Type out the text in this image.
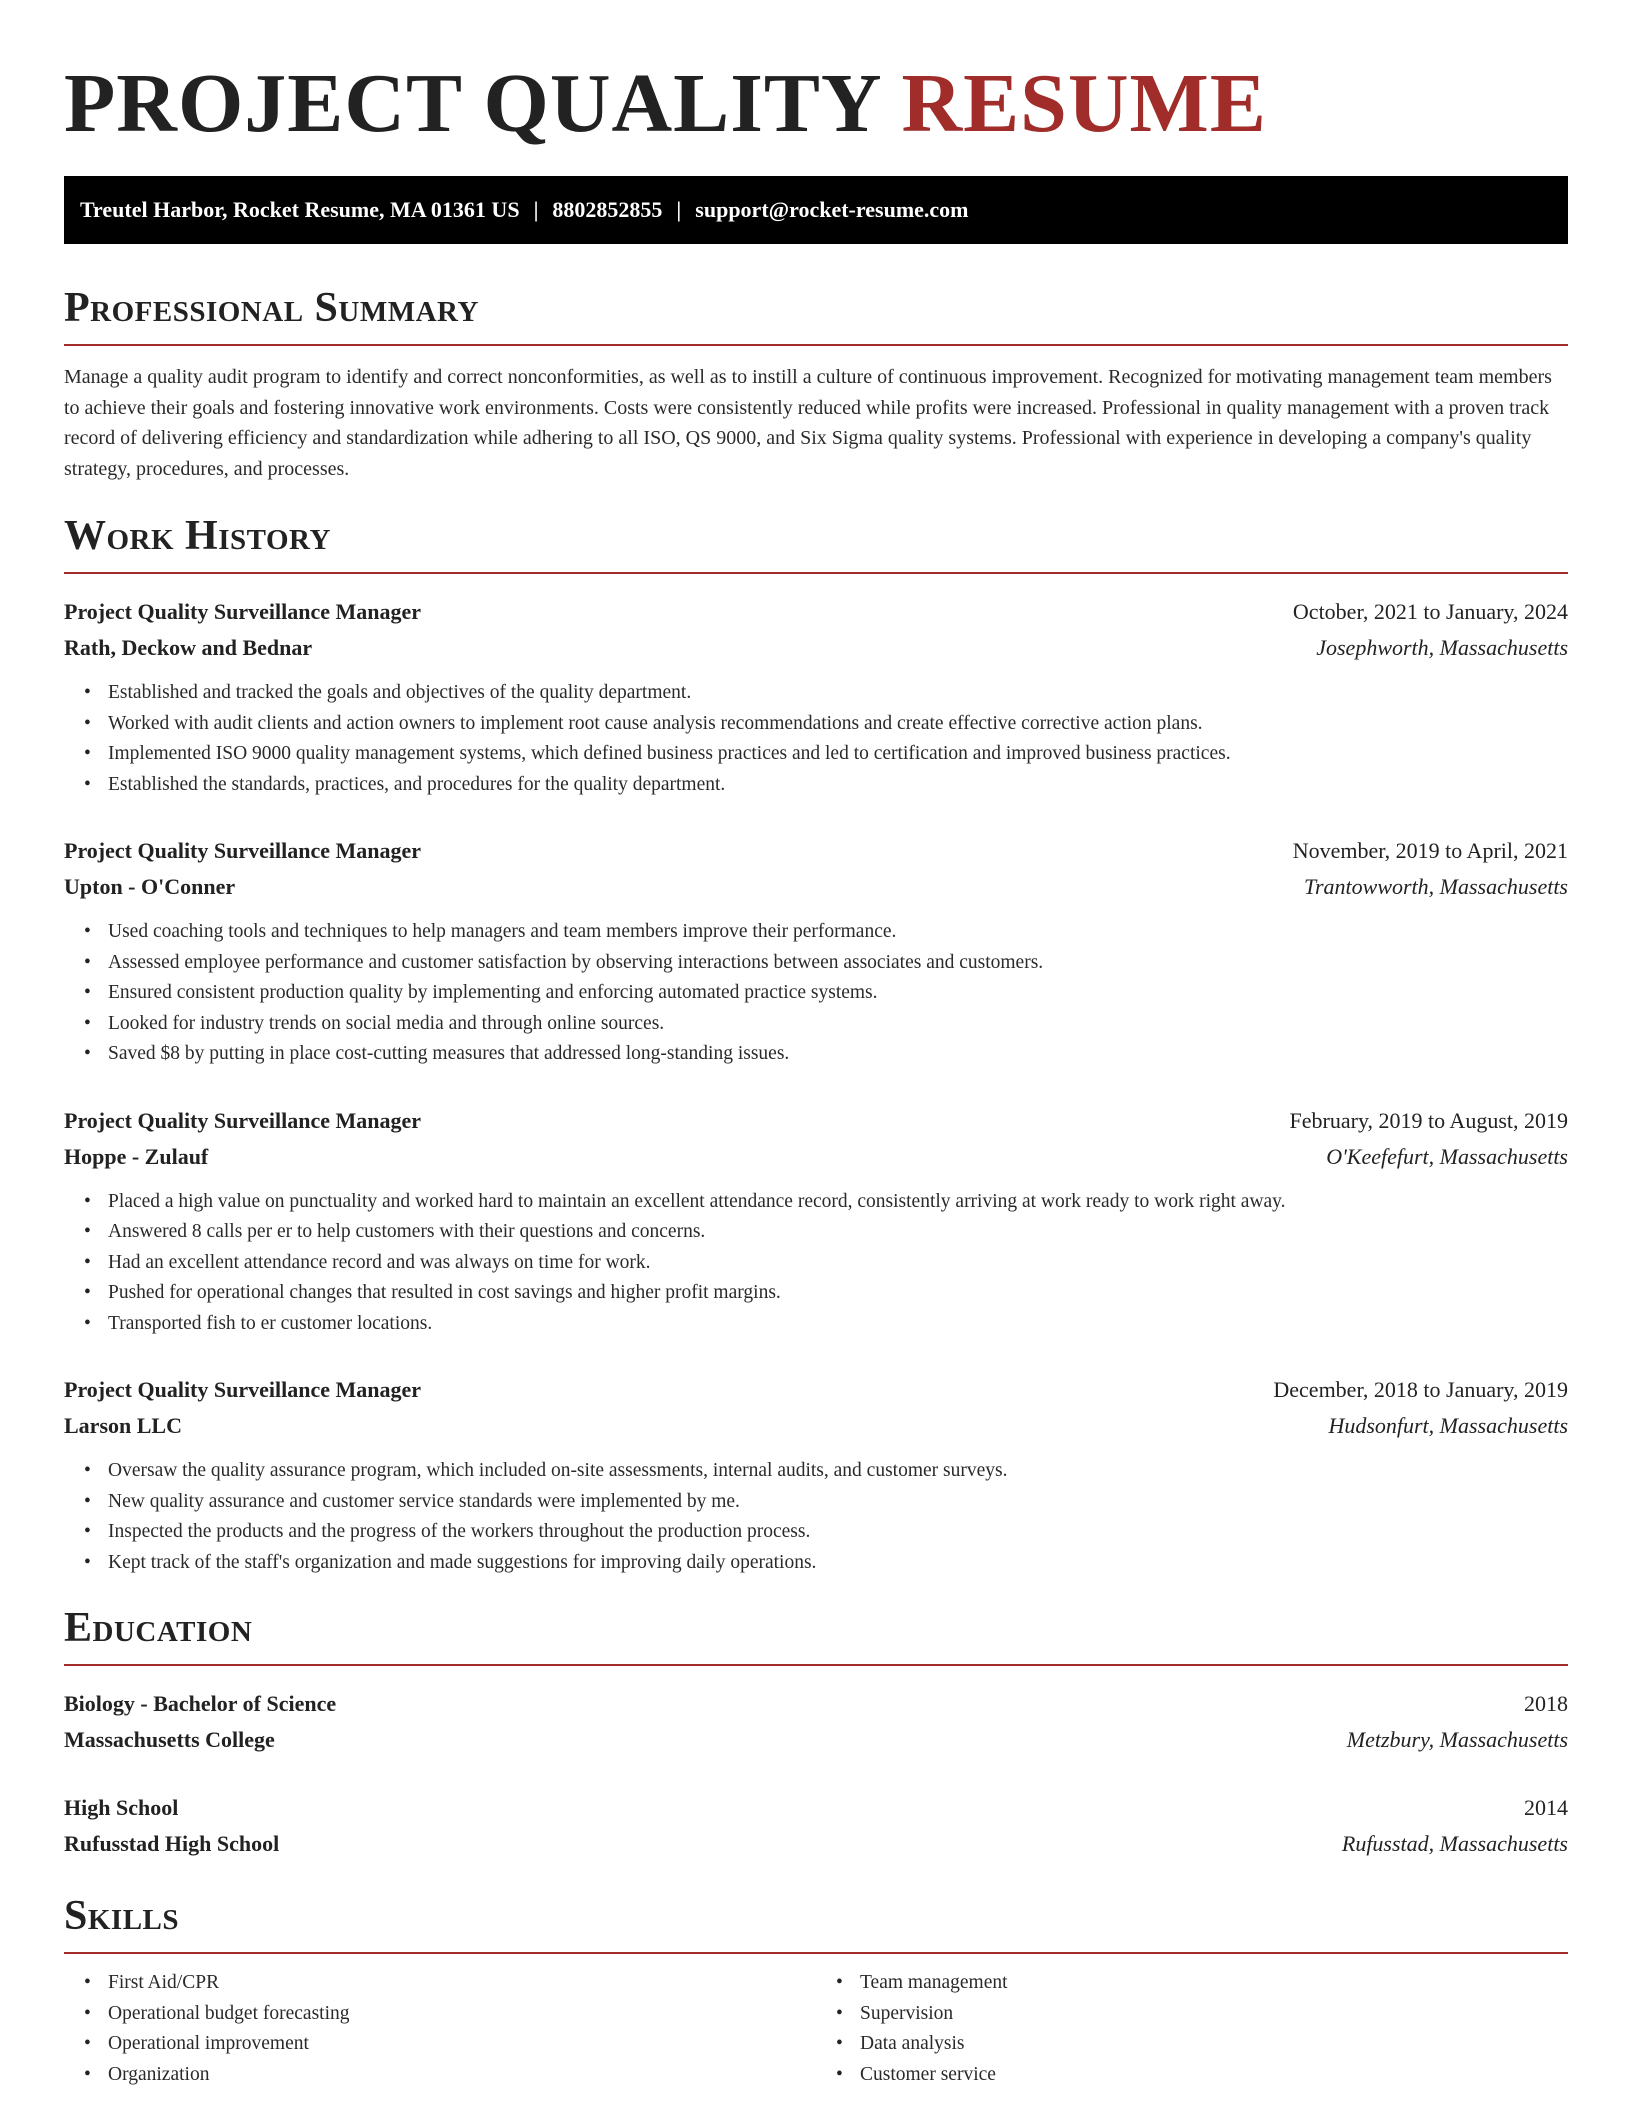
PROJECT QUALITY RESUME
Treutel Harbor, Rocket Resume, MA 01361 US | 8802852855 | support@rocket-resume.com
Professional Summary

Manage a quality audit program to identify and correct nonconformities, as well as to instill a culture of continuous improvement. Recognized for motivating management team members to achieve their goals and fostering innovative work environments. Costs were consistently reduced while profits were increased. Professional in quality management with a proven track record of delivering efficiency and standardization while adhering to all ISO, QS 9000, and Six Sigma quality systems. Professional with experience in developing a company's quality strategy, procedures, and processes.

Work History
Project Quality Surveillance Manager	October, 2021 to January, 2024
Rath, Deckow and Bednar	Josephworth, Massachusetts
• Established and tracked the goals and objectives of the quality department.
• Worked with audit clients and action owners to implement root cause analysis recommendations and create effective corrective action plans.
• Implemented ISO 9000 quality management systems, which defined business practices and led to certification and improved business practices.
• Established the standards, practices, and procedures for the quality department.
Project Quality Surveillance Manager	November, 2019 to April, 2021
Upton - O'Conner	Trantowworth, Massachusetts
• Used coaching tools and techniques to help managers and team members improve their performance.
• Assessed employee performance and customer satisfaction by observing interactions between associates and customers.
• Ensured consistent production quality by implementing and enforcing automated practice systems.
• Looked for industry trends on social media and through online sources.
• Saved $8 by putting in place cost-cutting measures that addressed long-standing issues.
Project Quality Surveillance Manager	February, 2019 to August, 2019
Hoppe - Zulauf	O'Keefefurt, Massachusetts
• Placed a high value on punctuality and worked hard to maintain an excellent attendance record, consistently arriving at work ready to work right away.
• Answered 8 calls per er to help customers with their questions and concerns.
• Had an excellent attendance record and was always on time for work.
• Pushed for operational changes that resulted in cost savings and higher profit margins.
• Transported fish to er customer locations.
Project Quality Surveillance Manager	December, 2018 to January, 2019
Larson LLC	Hudsonfurt, Massachusetts
• Oversaw the quality assurance program, which included on-site assessments, internal audits, and customer surveys.
• New quality assurance and customer service standards were implemented by me.
• Inspected the products and the progress of the workers throughout the production process.
• Kept track of the staff's organization and made suggestions for improving daily operations.
Education
Biology - Bachelor of Science	2018
Massachusetts College	Metzbury, Massachusetts
High School	2014
Rufusstad High School	Rufusstad, Massachusetts
Skills
• First Aid/CPR
• Operational budget forecasting
• Operational improvement
• Organization
• Team management
• Supervision
• Data analysis
• Customer service
